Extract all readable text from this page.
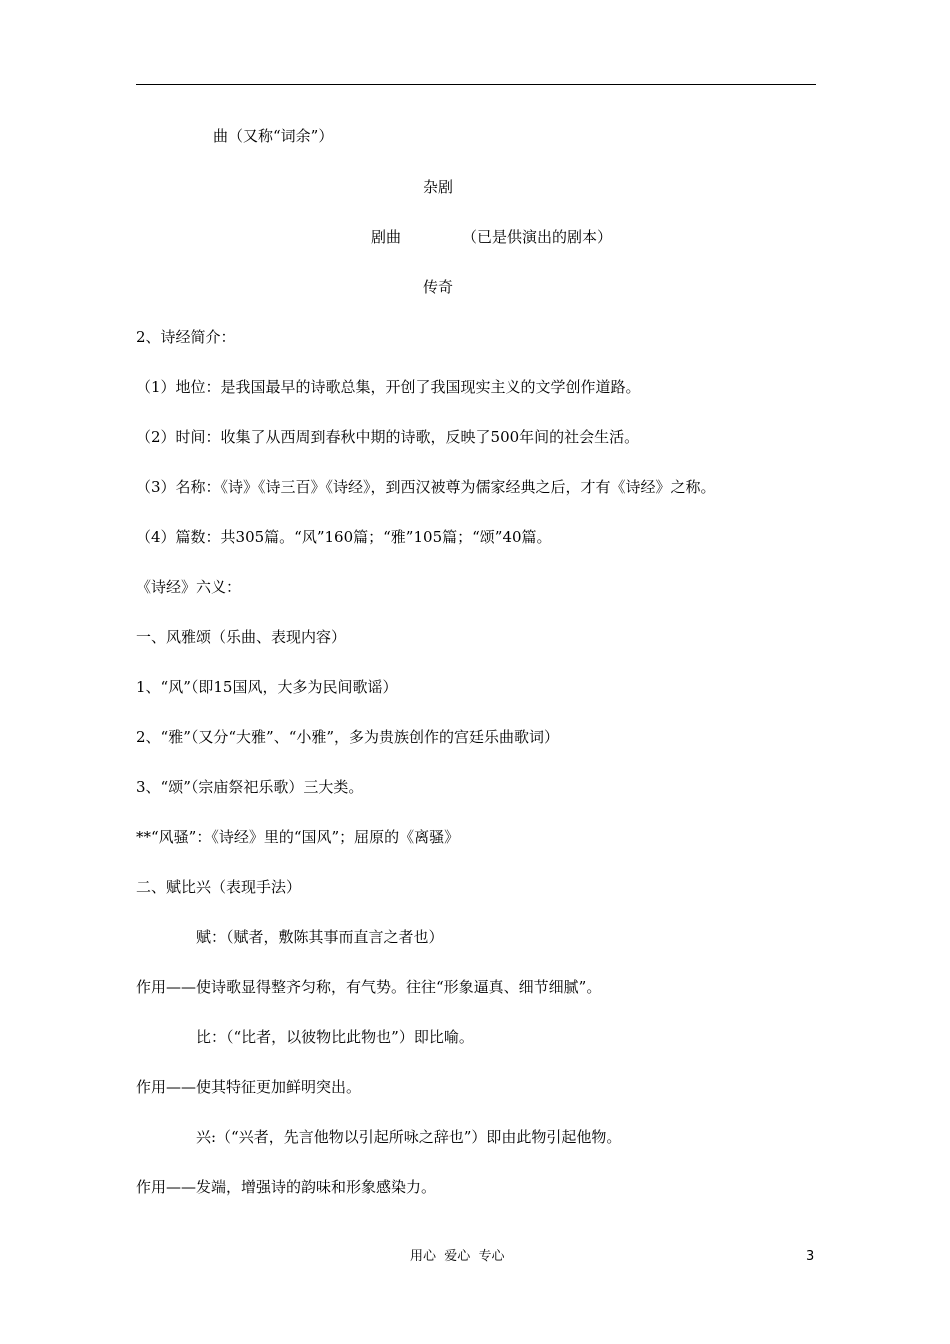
曲（又称“词余”）
杂剧
剧曲	（已是供演出的剧本）
传奇
2、诗经简介：
（1）地位：是我国最早的诗歌总集，开创了我国现实主义的文学创作道路。
（2）时间：收集了从西周到春秋中期的诗歌，反映了500年间的社会生活。
（3）名称：《诗》《诗三百》《诗经》，到西汉被尊为儒家经典之后，才有《诗经》之称。
（4）篇数：共305篇。“风”160篇；“雅”105篇；“颂”40篇。
《诗经》六义：
一、风雅颂（乐曲、表现内容）
1、“风”（即15国风，大多为民间歌谣）
2、“雅”（又分“大雅”、“小雅”，多为贵族创作的宫廷乐曲歌词）
3、“颂”（宗庙祭祀乐歌）三大类。
**“风骚”：《诗经》里的“国风”；屈原的《离骚》
二、赋比兴（表现手法）
赋：（赋者，敷陈其事而直言之者也）
作用——使诗歌显得整齐匀称，有气势。往往“形象逼真、细节细腻”。
比：（“比者，以彼物比此物也”）即比喻。
作用——使其特征更加鲜明突出。
兴:（“兴者，先言他物以引起所咏之辞也”）即由此物引起他物。
作用——发端，增强诗的韵味和形象感染力。
用心  爱心  专心	3
